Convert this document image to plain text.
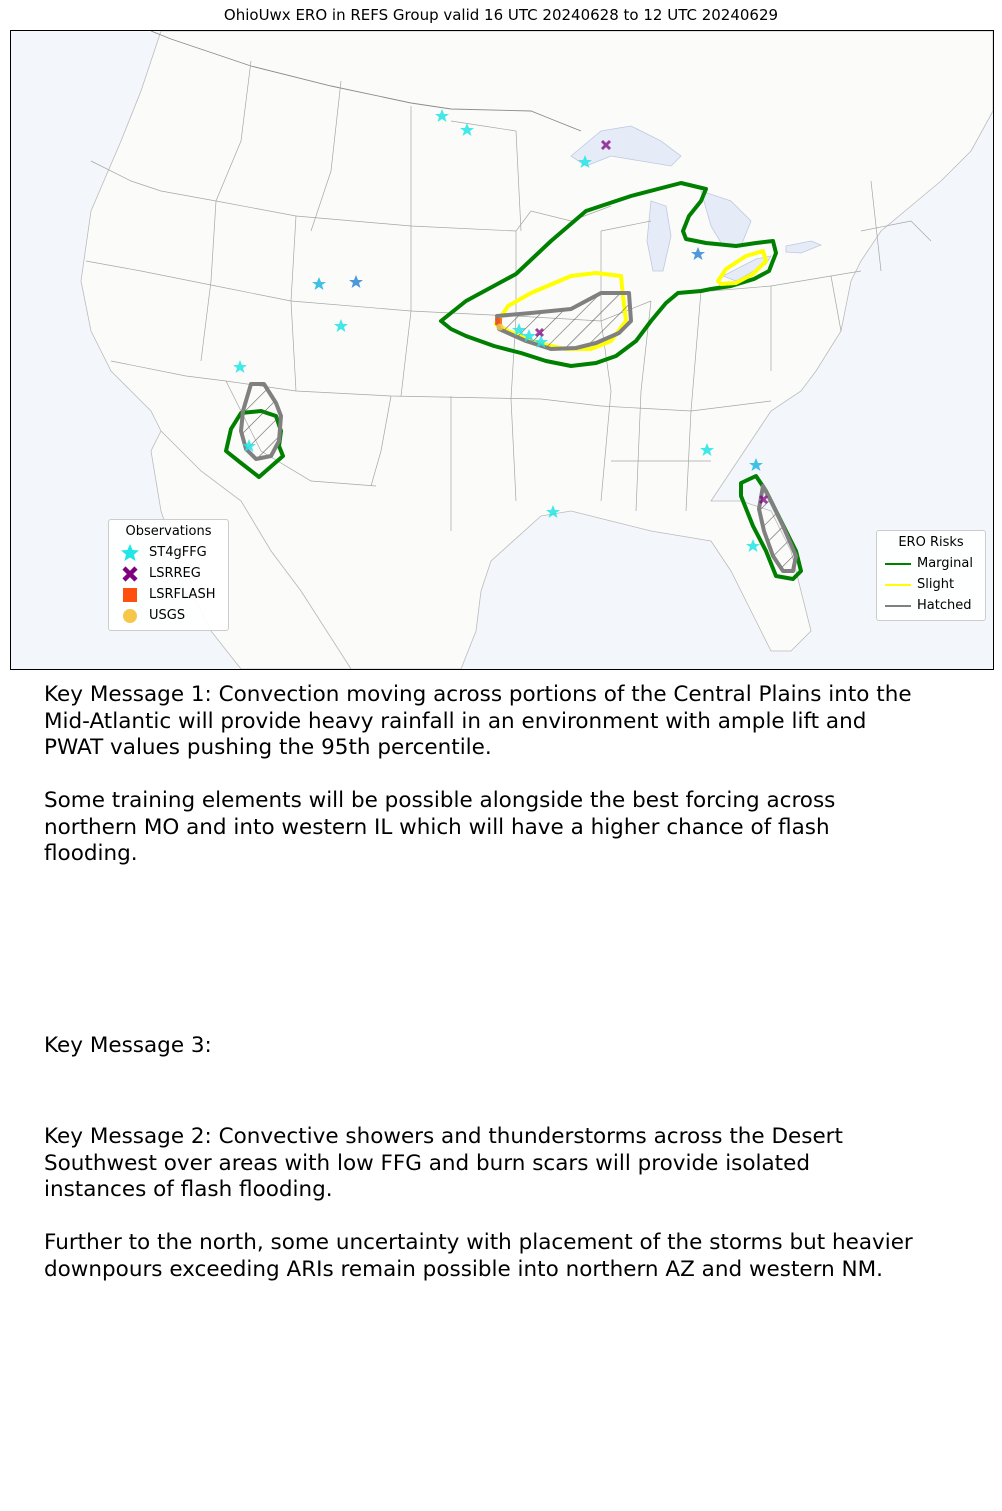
OhioUwx ERO in REFS Group valid 16 UTC 20240628 to 12 UTC 20240629
Observations
ST4gFFG
LSRREG
LSRFLASH
USGS
ERO Risks
Marginal
Slight
Hatched

Key Message 1: Convection moving across portions of the Central Plains into the
Mid-Atlantic will provide heavy rainfall in an environment with ample lift and
PWAT values pushing the 95th percentile.

Some training elements will be possible alongside the best forcing across
northern MO and into western IL which will have a higher chance of flash
flooding.

Key Message 3:

Key Message 2: Convective showers and thunderstorms across the Desert
Southwest over areas with low FFG and burn scars will provide isolated
instances of flash flooding.

Further to the north, some uncertainty with placement of the storms but heavier
downpours exceeding ARIs remain possible into northern AZ and western NM.
